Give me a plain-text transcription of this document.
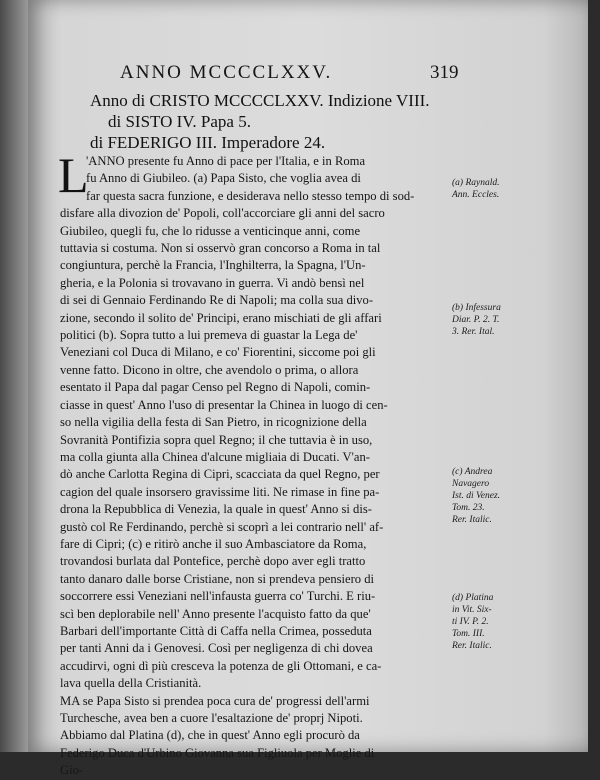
ANNO MCCCCLXXV.	319
Anno di CRISTO MCCCCLXXV. Indizione VIII.
di SISTO IV. Papa 5.
di FEDERIGO III. Imperadore 24.
L
'ANNO presente fu Anno di pace per l'Italia, e in Roma
fu Anno di Giubileo. (a) Papa Sisto, che voglia avea di
far questa sacra funzione, e desiderava nello stesso tempo di sod-
disfare alla divozion de' Popoli, coll'accorciare gli anni del sacro
Giubileo, quegli fu, che lo ridusse a venticinque anni, come
tuttavia si costuma. Non si osservò gran concorso a Roma in tal
congiuntura, perchè la Francia, l'Inghilterra, la Spagna, l'Un-
gheria, e la Polonia si trovavano in guerra. Vi andò bensì nel
di sei di Gennaio Ferdinando Re di Napoli; ma colla sua divo-
zione, secondo il solito de' Principi, erano mischiati de gli affari
politici (b). Sopra tutto a lui premeva di guastar la Lega de'
Veneziani col Duca di Milano, e co' Fiorentini, siccome poi gli
venne fatto. Dicono in oltre, che avendolo o prima, o allora
esentato il Papa dal pagar Censo pel Regno di Napoli, comin-
ciasse in quest' Anno l'uso di presentar la Chinea in luogo di cen-
so nella vigilia della festa di San Pietro, in ricognizione della
Sovranità Pontifizia sopra quel Regno; il che tuttavia è in uso,
ma colla giunta alla Chinea d'alcune migliaia di Ducati. V'an-
dò anche Carlotta Regina di Cipri, scacciata da quel Regno, per
cagion del quale insorsero gravissime liti. Ne rimase in fine pa-
drona la Repubblica di Venezia, la quale in quest' Anno si dis-
gustò col Re Ferdinando, perchè si scoprì a lei contrario nell' af-
fare di Cipri; (c) e ritirò anche il suo Ambasciatore da Roma,
trovandosi burlata dal Pontefice, perchè dopo aver egli tratto
tanto danaro dalle borse Cristiane, non si prendeva pensiero di
soccorrere essi Veneziani nell'infausta guerra co' Turchi. E riu-
scì ben deplorabile nell' Anno presente l'acquisto fatto da que'
Barbari dell'importante Città di Caffa nella Crimea, posseduta
per tanti Anni da i Genovesi. Così per negligenza di chi dovea
accudirvi, ogni dì più cresceva la potenza de gli Ottomani, e ca-
lava quella della Cristianità.
MA se Papa Sisto si prendea poca cura de' progressi dell'armi
Turchesche, avea ben a cuore l'esaltazione de' proprj Nipoti.
Abbiamo dal Platina (d), che in quest' Anno egli procurò da
Federigo Duca d'Urbino Giovanna sua Figliuola per Moglie di
Gio-
(a) Raynald.
Ann. Eccles.
(b) Infessura
Diar. P. 2. T.
3. Rer. Ital.
(c) Andrea
Navagero
Ist. di Venez.
Tom. 23.
Rer. Italic.
(d) Platina
in Vit. Six-
ti IV. P. 2.
Tom. III.
Rer. Italic.
